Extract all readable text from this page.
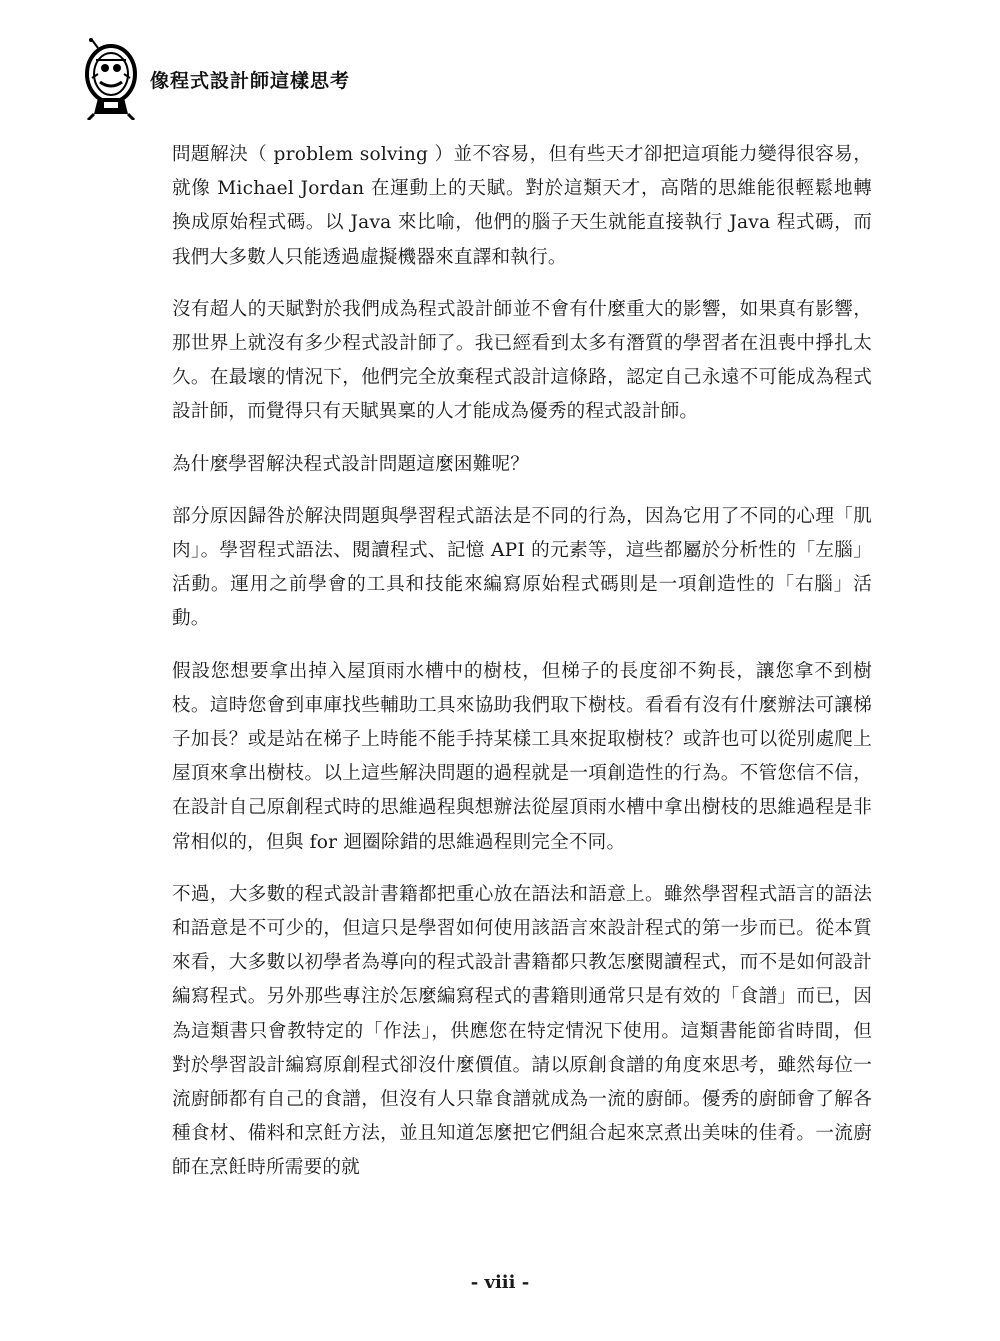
像程式設計師這樣思考

問題解決（ problem solving ）並不容易，但有些天才卻把這項能力變得很容易，就像 Michael Jordan 在運動上的天賦。對於這類天才，高階的思維能很輕鬆地轉換成原始程式碼。以 Java 來比喻，他們的腦子天生就能直接執行 Java 程式碼，而我們大多數人只能透過虛擬機器來直譯和執行。

沒有超人的天賦對於我們成為程式設計師並不會有什麼重大的影響，如果真有影響，那世界上就沒有多少程式設計師了。我已經看到太多有潛質的學習者在沮喪中掙扎太久。在最壞的情況下，他們完全放棄程式設計這條路，認定自己永遠不可能成為程式設計師，而覺得只有天賦異稟的人才能成為優秀的程式設計師。

為什麼學習解決程式設計問題這麼困難呢？

部分原因歸咎於解決問題與學習程式語法是不同的行為，因為它用了不同的心理「肌肉」。學習程式語法、閱讀程式、記憶 API 的元素等，這些都屬於分析性的「左腦」活動。運用之前學會的工具和技能來編寫原始程式碼則是一項創造性的「右腦」活動。

假設您想要拿出掉入屋頂雨水槽中的樹枝，但梯子的長度卻不夠長，讓您拿不到樹枝。這時您會到車庫找些輔助工具來協助我們取下樹枝。看看有沒有什麼辦法可讓梯子加長？或是站在梯子上時能不能手持某樣工具來捉取樹枝？或許也可以從別處爬上屋頂來拿出樹枝。以上這些解決問題的過程就是一項創造性的行為。不管您信不信，在設計自己原創程式時的思維過程與想辦法從屋頂雨水槽中拿出樹枝的思維過程是非常相似的，但與 for 迴圈除錯的思維過程則完全不同。

不過，大多數的程式設計書籍都把重心放在語法和語意上。雖然學習程式語言的語法和語意是不可少的，但這只是學習如何使用該語言來設計程式的第一步而已。從本質來看，大多數以初學者為導向的程式設計書籍都只教怎麼閱讀程式，而不是如何設計編寫程式。另外那些專注於怎麼編寫程式的書籍則通常只是有效的「食譜」而已，因為這類書只會教特定的「作法」，供應您在特定情況下使用。這類書能節省時間，但對於學習設計編寫原創程式卻沒什麼價值。請以原創食譜的角度來思考，雖然每位一流廚師都有自己的食譜，但沒有人只靠食譜就成為一流的廚師。優秀的廚師會了解各種食材、備料和烹飪方法，並且知道怎麼把它們組合起來烹煮出美味的佳肴。一流廚師在烹飪時所需要的就

- viii -
